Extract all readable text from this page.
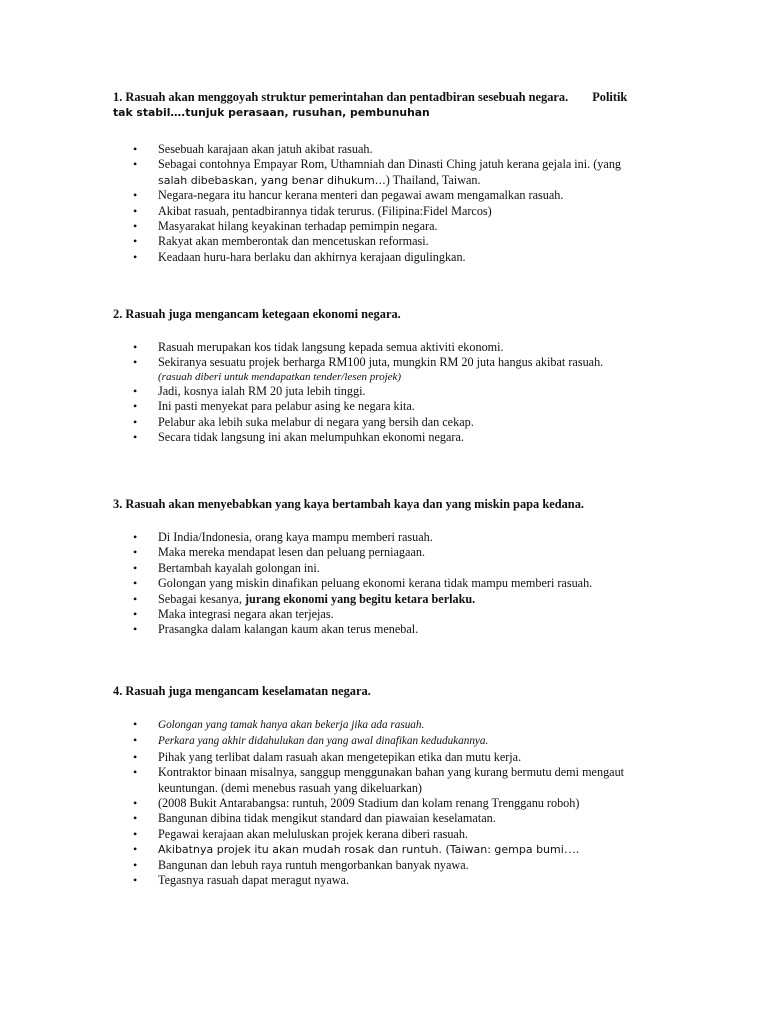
1. Rasuah akan menggoyah struktur pemerintahan dan pentadbiran sesebuah negara. Politik
tak stabil….tunjuk perasaan, rusuhan, pembunuhan

• Sesebuah karajaan akan jatuh akibat rasuah.
• Sebagai contohnya Empayar Rom, Uthamniah dan Dinasti Ching jatuh kerana gejala ini. (yang
salah dibebaskan, yang benar dihukum…) Thailand, Taiwan.
• Negara-negara itu hancur kerana menteri dan pegawai awam mengamalkan rasuah.
• Akibat rasuah, pentadbirannya tidak terurus. (Filipina:Fidel Marcos)
• Masyarakat hilang keyakinan terhadap pemimpin negara.
• Rakyat akan memberontak dan mencetuskan reformasi.
• Keadaan huru-hara berlaku dan akhirnya kerajaan digulingkan.

2. Rasuah juga mengancam ketegaan ekonomi negara.

• Rasuah merupakan kos tidak langsung kepada semua aktiviti ekonomi.
• Sekiranya sesuatu projek berharga RM100 juta, mungkin RM 20 juta hangus akibat rasuah.
(rasuah diberi untuk mendapatkan tender/lesen projek)
• Jadi, kosnya ialah RM 20 juta lebih tinggi.
• Ini pasti menyekat para pelabur asing ke negara kita.
• Pelabur aka lebih suka melabur di negara yang bersih dan cekap.
• Secara tidak langsung ini akan melumpuhkan ekonomi negara.

3. Rasuah akan menyebabkan yang kaya bertambah kaya dan yang miskin papa kedana.

• Di India/Indonesia, orang kaya mampu memberi rasuah.
• Maka mereka mendapat lesen dan peluang perniagaan.
• Bertambah kayalah golongan ini.
• Golongan yang miskin dinafikan peluang ekonomi kerana tidak mampu memberi rasuah.
• Sebagai kesanya, jurang ekonomi yang begitu ketara berlaku.
• Maka integrasi negara akan terjejas.
• Prasangka dalam kalangan kaum akan terus menebal.

4. Rasuah juga mengancam keselamatan negara.

• Golongan yang tamak hanya akan bekerja jika ada rasuah.
• Perkara yang akhir didahulukan dan yang awal dinafikan kedudukannya.
• Pihak yang terlibat dalam rasuah akan mengetepikan etika dan mutu kerja.
• Kontraktor binaan misalnya, sanggup menggunakan bahan yang kurang bermutu demi mengaut
keuntungan. (demi menebus rasuah yang dikeluarkan)
• (2008 Bukit Antarabangsa: runtuh, 2009 Stadium dan kolam renang Trengganu roboh)
• Bangunan dibina tidak mengikut standard dan piawaian keselamatan.
• Pegawai kerajaan akan meluluskan projek kerana diberi rasuah.
• Akibatnya projek itu akan mudah rosak dan runtuh. (Taiwan: gempa bumi….
• Bangunan dan lebuh raya runtuh mengorbankan banyak nyawa.
• Tegasnya rasuah dapat meragut nyawa.
